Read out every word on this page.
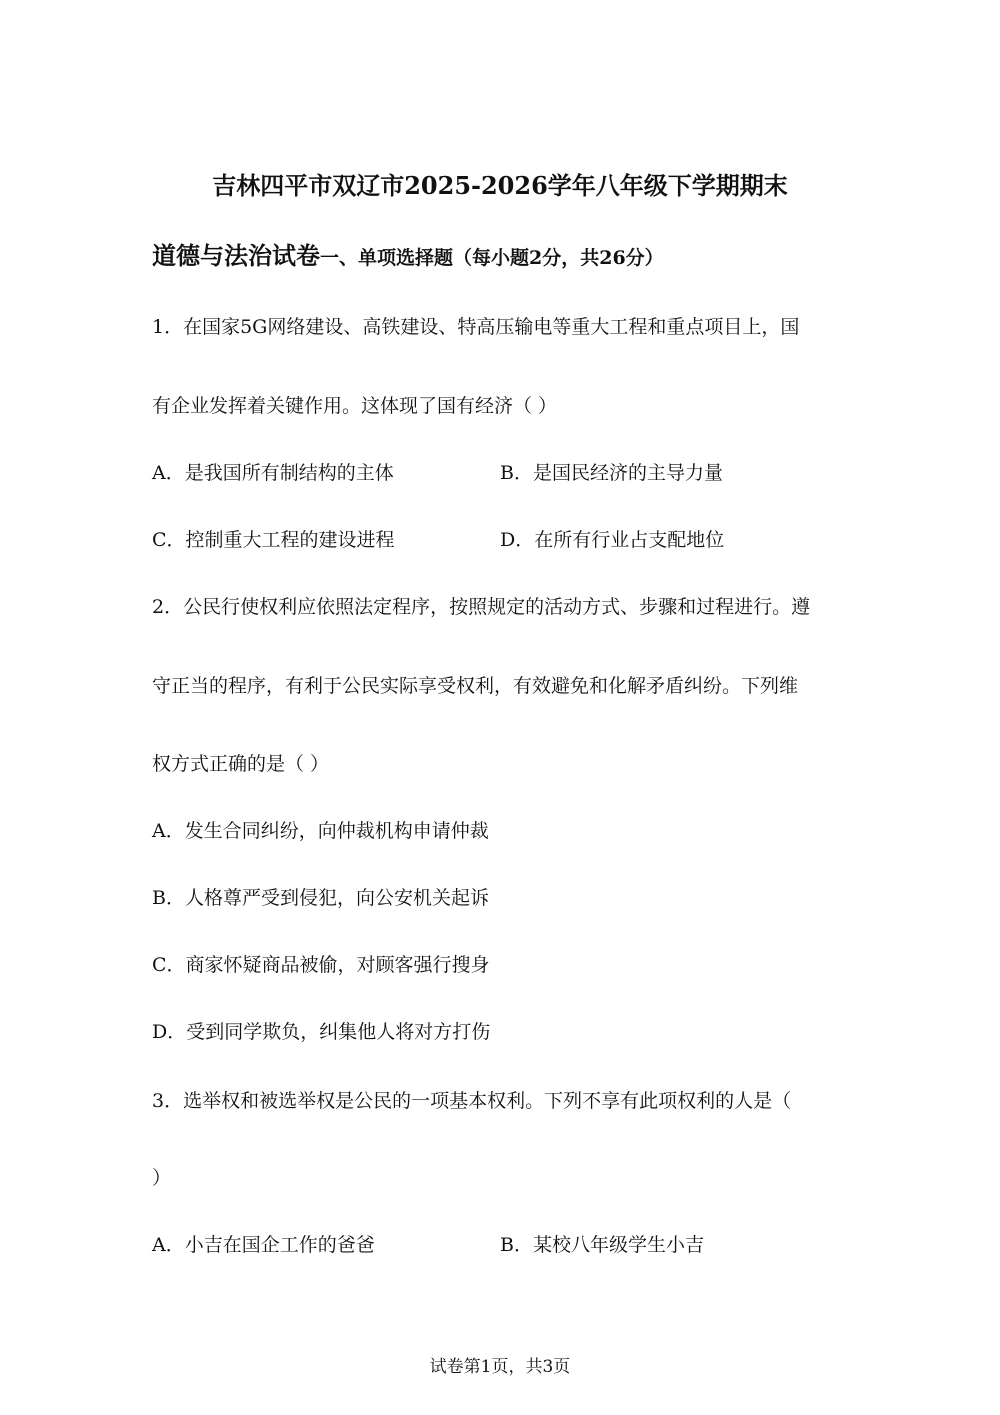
吉林四平市双辽市2025-2026学年八年级下学期期末
道德与法治试卷一、单项选择题（每小题2分，共26分）
1．在国家5G网络建设、高铁建设、特高压输电等重大工程和重点项目上，国
有企业发挥着关键作用。这体现了国有经济（ ）
A．是我国所有制结构的主体	B．是国民经济的主导力量
C．控制重大工程的建设进程	D．在所有行业占支配地位
2．公民行使权利应依照法定程序，按照规定的活动方式、步骤和过程进行。遵
守正当的程序，有利于公民实际享受权利，有效避免和化解矛盾纠纷。下列维
权方式正确的是（ ）
A．发生合同纠纷，向仲裁机构申请仲裁
B．人格尊严受到侵犯，向公安机关起诉
C．商家怀疑商品被偷，对顾客强行搜身
D．受到同学欺负，纠集他人将对方打伤
3．选举权和被选举权是公民的一项基本权利。下列不享有此项权利的人是（
）
A．小吉在国企工作的爸爸	B．某校八年级学生小吉
试卷第1页，共3页
